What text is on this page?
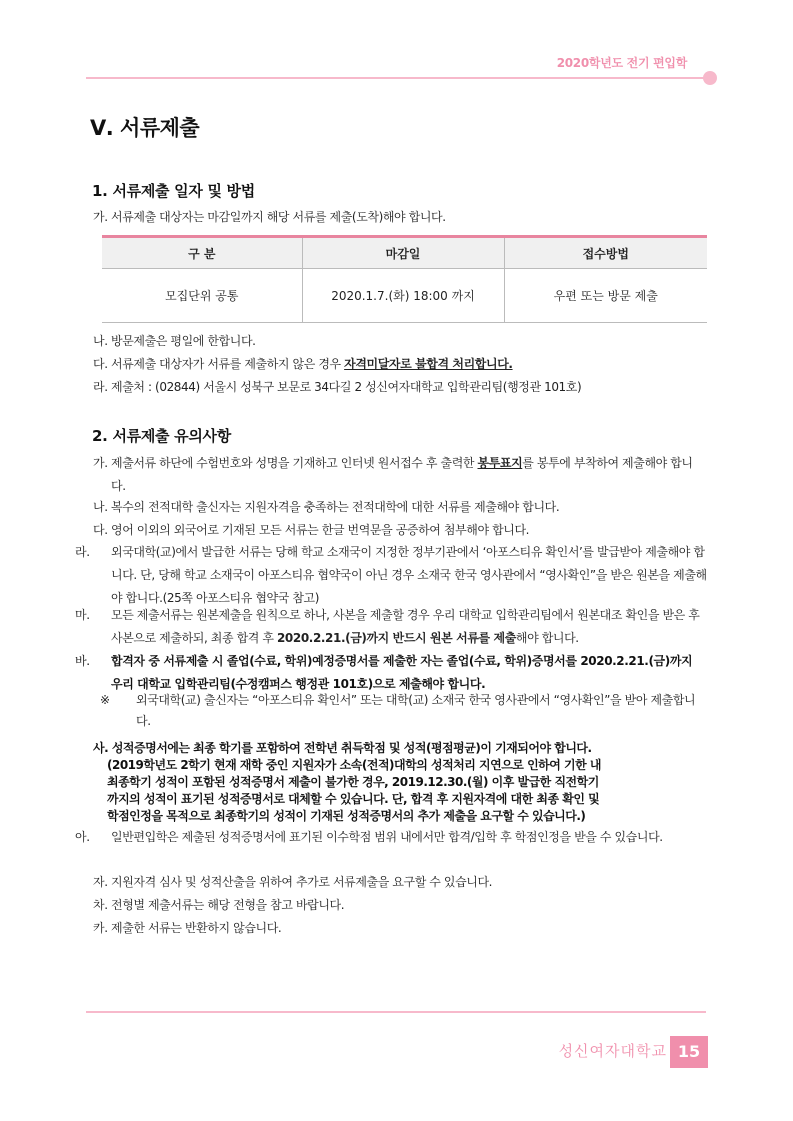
2020학년도 전기 편입학
Ⅴ. 서류제출
1. 서류제출 일자 및 방법
가. 서류제출 대상자는 마감일까지 해당 서류를 제출(도착)해야 합니다.
구 분	마감일	접수방법
모집단위 공통	2020.1.7.(화) 18:00 까지	우편 또는 방문 제출
나. 방문제출은 평일에 한합니다.
다. 서류제출 대상자가 서류를 제출하지 않은 경우 자격미달자로 불합격 처리합니다.
라. 제출처 : (02844) 서울시 성북구 보문로 34다길 2 성신여자대학교 입학관리팀(행정관 101호)
2. 서류제출 유의사항
가. 제출서류 하단에 수험번호와 성명을 기재하고 인터넷 원서접수 후 출력한 봉투표지를 봉투에 부착하여 제출해야 합니다.
나. 복수의 전적대학 출신자는 지원자격을 충족하는 전적대학에 대한 서류를 제출해야 합니다.
다. 영어 이외의 외국어로 기재된 모든 서류는 한글 번역문을 공증하여 첨부해야 합니다.
라. 외국대학(교)에서 발급한 서류는 당해 학교 소재국이 지정한 정부기관에서 ‘아포스티유 확인서’를 발급받아 제출해야 합니다. 단, 당해 학교 소재국이 아포스티유 협약국이 아닌 경우 소재국 한국 영사관에서 “영사확인”을 받은 원본을 제출해야 합니다.(25쪽 아포스티유 협약국 참고)
마. 모든 제출서류는 원본제출을 원칙으로 하나, 사본을 제출할 경우 우리 대학교 입학관리팀에서 원본대조 확인을 받은 후 사본으로 제출하되, 최종 합격 후 2020.2.21.(금)까지 반드시 원본 서류를 제출해야 합니다.
바. 합격자 중 서류제출 시 졸업(수료, 학위)예정증명서를 제출한 자는 졸업(수료, 학위)증명서를 2020.2.21.(금)까지 우리 대학교 입학관리팀(수정캠퍼스 행정관 101호)으로 제출해야 합니다.
※ 외국대학(교) 출신자는 “아포스티유 확인서” 또는 대학(교) 소재국 한국 영사관에서 “영사확인”을 받아 제출합니다.
사. 성적증명서에는 최종 학기를 포함하여 전학년 취득학점 및 성적(평점평균)이 기재되어야 합니다.
(2019학년도 2학기 현재 재학 중인 지원자가 소속(전적)대학의 성적처리 지연으로 인하여 기한 내
최종학기 성적이 포함된 성적증명서 제출이 불가한 경우, 2019.12.30.(월) 이후 발급한 직전학기
까지의 성적이 표기된 성적증명서로 대체할 수 있습니다. 단, 합격 후 지원자격에 대한 최종 확인 및
학점인정을 목적으로 최종학기의 성적이 기재된 성적증명서의 추가 제출을 요구할 수 있습니다.)
아. 일반편입학은 제출된 성적증명서에 표기된 이수학점 범위 내에서만 합격/입학 후 학점인정을 받을 수 있습니다.
자. 지원자격 심사 및 성적산출을 위하여 추가로 서류제출을 요구할 수 있습니다.
차. 전형별 제출서류는 해당 전형을 참고 바랍니다.
카. 제출한 서류는 반환하지 않습니다.
성신여자대학교 15
